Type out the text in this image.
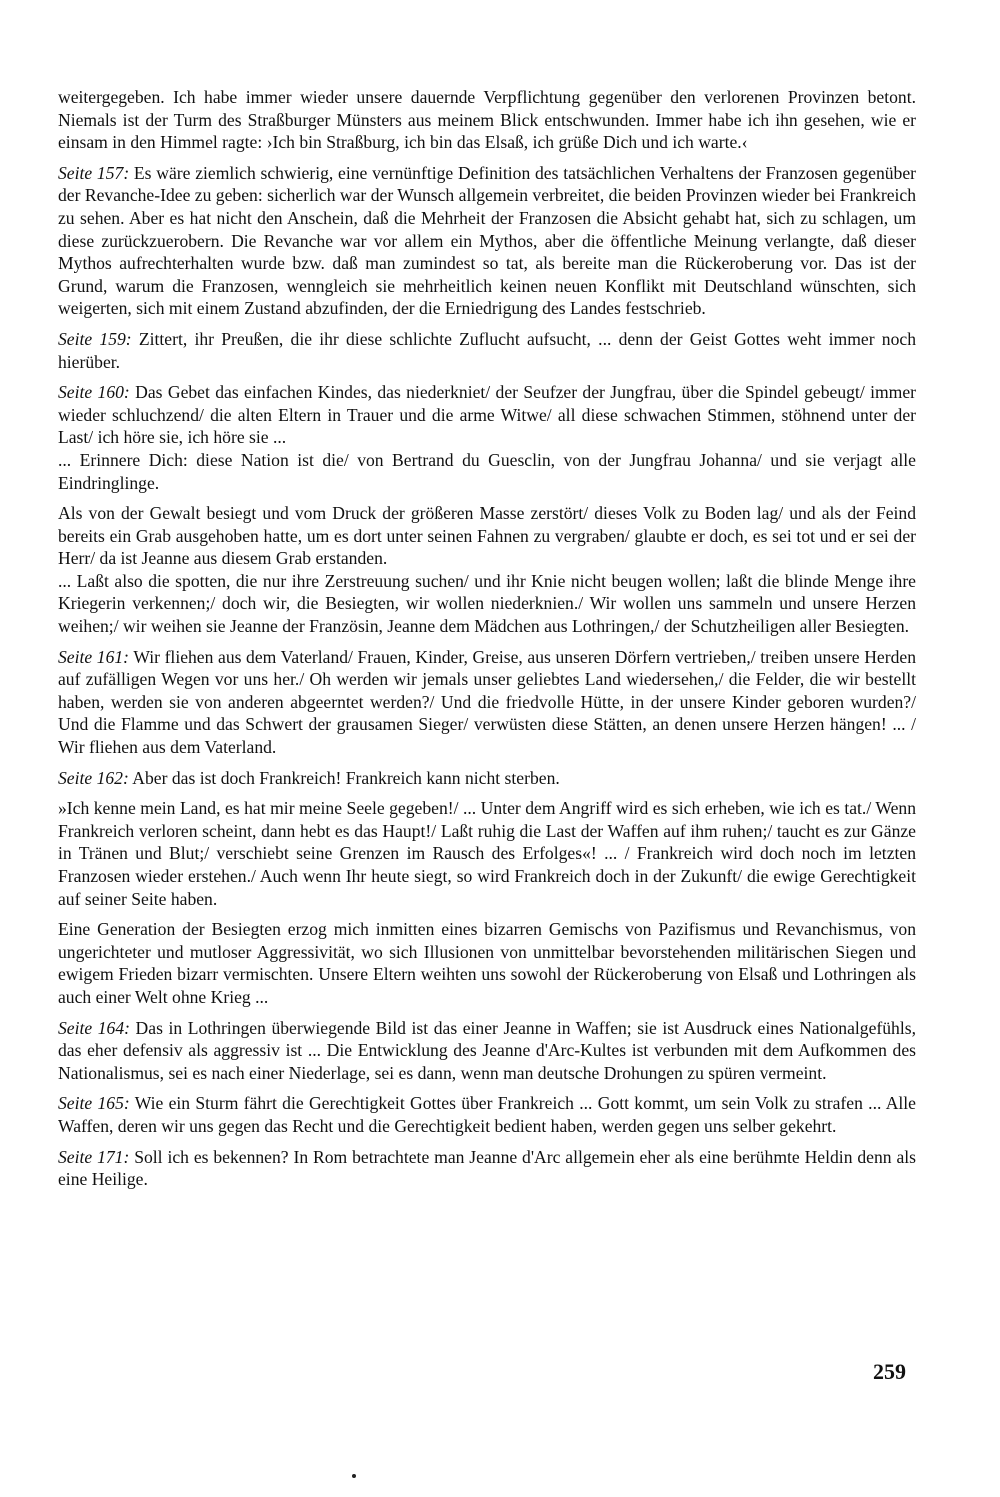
weitergegeben. Ich habe immer wieder unsere dauernde Verpflichtung gegenüber den verlorenen Provinzen betont. Niemals ist der Turm des Straßburger Münsters aus meinem Blick entschwunden. Immer habe ich ihn gesehen, wie er einsam in den Himmel ragte: ›Ich bin Straßburg, ich bin das Elsaß, ich grüße Dich und ich warte.‹

Seite 157: Es wäre ziemlich schwierig, eine vernünftige Definition des tatsächlichen Verhaltens der Franzosen gegenüber der Revanche-Idee zu geben: sicherlich war der Wunsch allgemein verbreitet, die beiden Provinzen wieder bei Frankreich zu sehen. Aber es hat nicht den Anschein, daß die Mehrheit der Franzosen die Absicht gehabt hat, sich zu schlagen, um diese zurückzuerobern. Die Revanche war vor allem ein Mythos, aber die öffentliche Meinung verlangte, daß dieser Mythos aufrechterhalten wurde bzw. daß man zumindest so tat, als bereite man die Rückeroberung vor. Das ist der Grund, warum die Franzosen, wenngleich sie mehrheitlich keinen neuen Konflikt mit Deutschland wünschten, sich weigerten, sich mit einem Zustand abzufinden, der die Erniedrigung des Landes festschrieb.

Seite 159: Zittert, ihr Preußen, die ihr diese schlichte Zuflucht aufsucht, ... denn der Geist Gottes weht immer noch hierüber.

Seite 160: Das Gebet das einfachen Kindes, das niederkniet/ der Seufzer der Jungfrau, über die Spindel gebeugt/ immer wieder schluchzend/ die alten Eltern in Trauer und die arme Witwe/ all diese schwachen Stimmen, stöhnend unter der Last/ ich höre sie, ich höre sie ...
... Erinnere Dich: diese Nation ist die/ von Bertrand du Guesclin, von der Jungfrau Johanna/ und sie verjagt alle Eindringlinge.

Als von der Gewalt besiegt und vom Druck der größeren Masse zerstört/ dieses Volk zu Boden lag/ und als der Feind bereits ein Grab ausgehoben hatte, um es dort unter seinen Fahnen zu vergraben/ glaubte er doch, es sei tot und er sei der Herr/ da ist Jeanne aus diesem Grab erstanden.
... Laßt also die spotten, die nur ihre Zerstreuung suchen/ und ihr Knie nicht beugen wollen; laßt die blinde Menge ihre Kriegerin verkennen;/ doch wir, die Besiegten, wir wollen niederknien./ Wir wollen uns sammeln und unsere Herzen weihen;/ wir weihen sie Jeanne der Französin, Jeanne dem Mädchen aus Lothringen,/ der Schutzheiligen aller Besiegten.

Seite 161: Wir fliehen aus dem Vaterland/ Frauen, Kinder, Greise, aus unseren Dörfern vertrieben,/ treiben unsere Herden auf zufälligen Wegen vor uns her./ Oh werden wir jemals unser geliebtes Land wiedersehen,/ die Felder, die wir bestellt haben, werden sie von anderen abgeerntet werden?/ Und die friedvolle Hütte, in der unsere Kinder geboren wurden?/ Und die Flamme und das Schwert der grausamen Sieger/ verwüsten diese Stätten, an denen unsere Herzen hängen! ... / Wir fliehen aus dem Vaterland.

Seite 162: Aber das ist doch Frankreich! Frankreich kann nicht sterben.

»Ich kenne mein Land, es hat mir meine Seele gegeben!/ ... Unter dem Angriff wird es sich erheben, wie ich es tat./ Wenn Frankreich verloren scheint, dann hebt es das Haupt!/ Laßt ruhig die Last der Waffen auf ihm ruhen;/ taucht es zur Gänze in Tränen und Blut;/ verschiebt seine Grenzen im Rausch des Erfolges«! ... / Frankreich wird doch noch im letzten Franzosen wieder erstehen./ Auch wenn Ihr heute siegt, so wird Frankreich doch in der Zukunft/ die ewige Gerechtigkeit auf seiner Seite haben.

Eine Generation der Besiegten erzog mich inmitten eines bizarren Gemischs von Pazifismus und Revanchismus, von ungerichteter und mutloser Aggressivität, wo sich Illusionen von unmittelbar bevorstehenden militärischen Siegen und ewigem Frieden bizarr vermischten. Unsere Eltern weihten uns sowohl der Rückeroberung von Elsaß und Lothringen als auch einer Welt ohne Krieg ...

Seite 164: Das in Lothringen überwiegende Bild ist das einer Jeanne in Waffen; sie ist Ausdruck eines Nationalgefühls, das eher defensiv als aggressiv ist ... Die Entwicklung des Jeanne d'Arc-Kultes ist verbunden mit dem Aufkommen des Nationalismus, sei es nach einer Niederlage, sei es dann, wenn man deutsche Drohungen zu spüren vermeint.

Seite 165: Wie ein Sturm fährt die Gerechtigkeit Gottes über Frankreich ... Gott kommt, um sein Volk zu strafen ... Alle Waffen, deren wir uns gegen das Recht und die Gerechtigkeit bedient haben, werden gegen uns selber gekehrt.

Seite 171: Soll ich es bekennen? In Rom betrachtete man Jeanne d'Arc allgemein eher als eine berühmte Heldin denn als eine Heilige.

259
